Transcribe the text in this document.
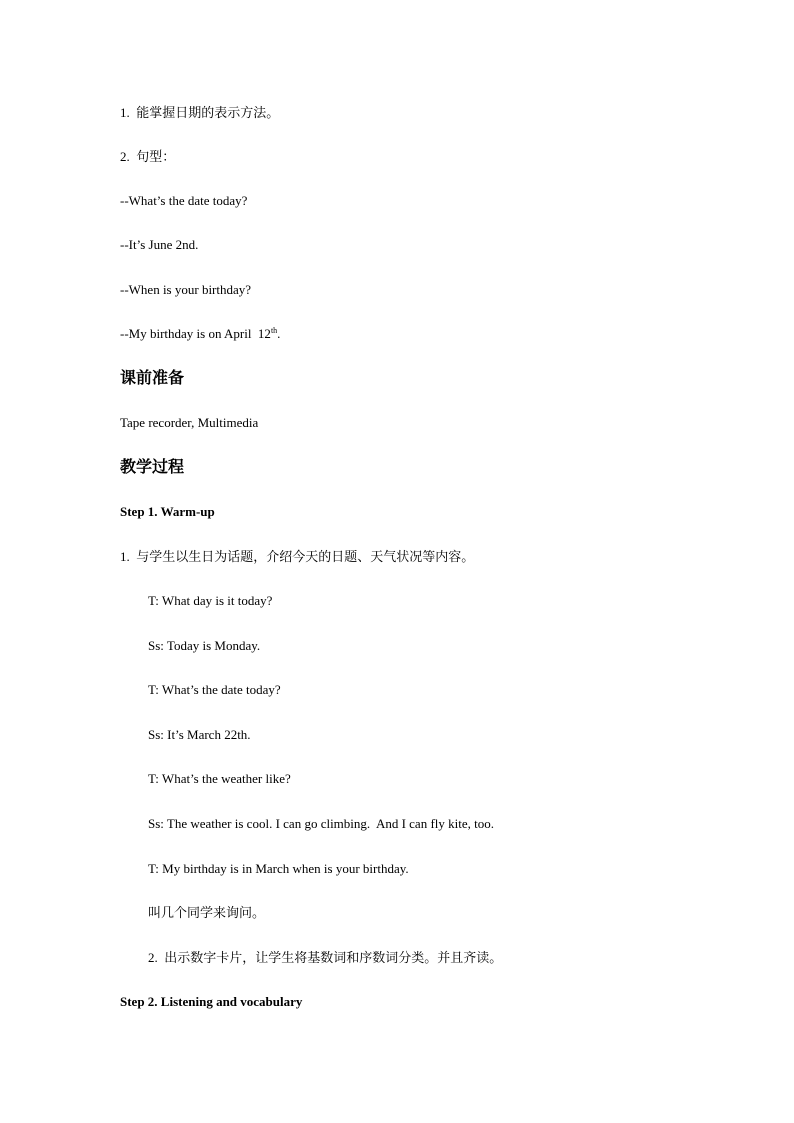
1.  能掌握日期的表示方法。
2.  句型：
--What’s the date today?
--It’s June 2nd.
--When is your birthday?
--My birthday is on April  12th.
课前准备
Tape recorder, Multimedia
教学过程
Step 1. Warm-up
1.  与学生以生日为话题，介绍今天的日题、天气状况等内容。
T: What day is it today?
Ss: Today is Monday.
T: What’s the date today?
Ss: It’s March 22th.
T: What’s the weather like?
Ss: The weather is cool. I can go climbing.  And I can fly kite, too.
T: My birthday is in March when is your birthday.
叫几个同学来询问。
2.  出示数字卡片，让学生将基数词和序数词分类。并且齐读。
Step 2. Listening and vocabulary
